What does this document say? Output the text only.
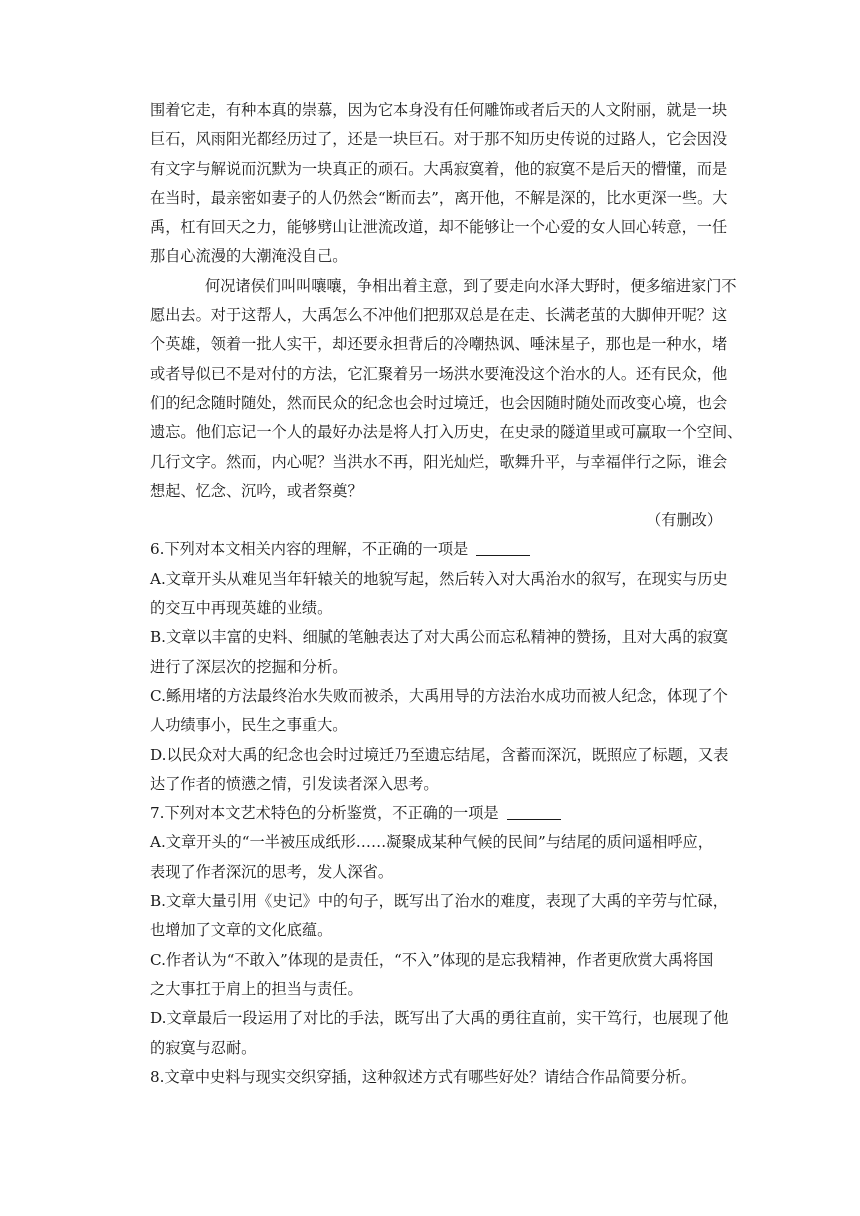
围着它走，有种本真的崇慕，因为它本身没有任何雕饰或者后天的人文附丽，就是一块
巨石，风雨阳光都经历过了，还是一块巨石。对于那不知历史传说的过路人，它会因没
有文字与解说而沉默为一块真正的顽石。大禹寂寞着，他的寂寞不是后天的懵懂，而是
在当时，最亲密如妻子的人仍然会“断而去”，离开他，不解是深的，比水更深一些。大
禹，杠有回天之力，能够劈山让泄流改道，却不能够让一个心爱的女人回心转意，一任
那自心流漫的大潮淹没自己。
何况诸侯们叫叫嚷嚷，争相出着主意，到了要走向水泽大野时，便多缩进家门不
愿出去。对于这帮人，大禹怎么不冲他们把那双总是在走、长满老茧的大脚伸开呢？这
个英雄，领着一批人实干，却还要永担背后的冷嘲热讽、唾沫星子，那也是一种水，堵
或者导似已不是对付的方法，它汇聚着另一场洪水要淹没这个治水的人。还有民众，他
们的纪念随时随处，然而民众的纪念也会时过境迁，也会因随时随处而改变心境，也会
遗忘。他们忘记一个人的最好办法是将人打入历史，在史录的隧道里或可赢取一个空间、
几行文字。然而，内心呢？当洪水不再，阳光灿烂，歌舞升平，与幸福伴行之际，谁会
想起、忆念、沉吟，或者祭奠？

（有删改）

6.下列对本文相关内容的理解，不正确的一项是
A.文章开头从难见当年轩辕关的地貌写起，然后转入对大禹治水的叙写，在现实与历史
的交互中再现英雄的业绩。
B.文章以丰富的史料、细腻的笔触表达了对大禹公而忘私精神的赞扬，且对大禹的寂寞
进行了深层次的挖掘和分析。
C.鲧用堵的方法最终治水失败而被杀，大禹用导的方法治水成功而被人纪念，体现了个
人功绩事小，民生之事重大。
D.以民众对大禹的纪念也会时过境迁乃至遗忘结尾，含蓄而深沉，既照应了标题，又表
达了作者的愤懑之情，引发读者深入思考。
7.下列对本文艺术特色的分析鉴赏，不正确的一项是
A.文章开头的“一半被压成纸形……凝聚成某种气候的民间”与结尾的质问遥相呼应，
表现了作者深沉的思考，发人深省。
B.文章大量引用《史记》中的句子，既写出了治水的难度，表现了大禹的辛劳与忙碌，
也增加了文章的文化底蕴。
C.作者认为“不敢入”体现的是责任，“不入”体现的是忘我精神，作者更欣赏大禹将国
之大事扛于肩上的担当与责任。
D.文章最后一段运用了对比的手法，既写出了大禹的勇往直前，实干笃行，也展现了他
的寂寞与忍耐。
8.文章中史料与现实交织穿插，这种叙述方式有哪些好处？请结合作品简要分析。
